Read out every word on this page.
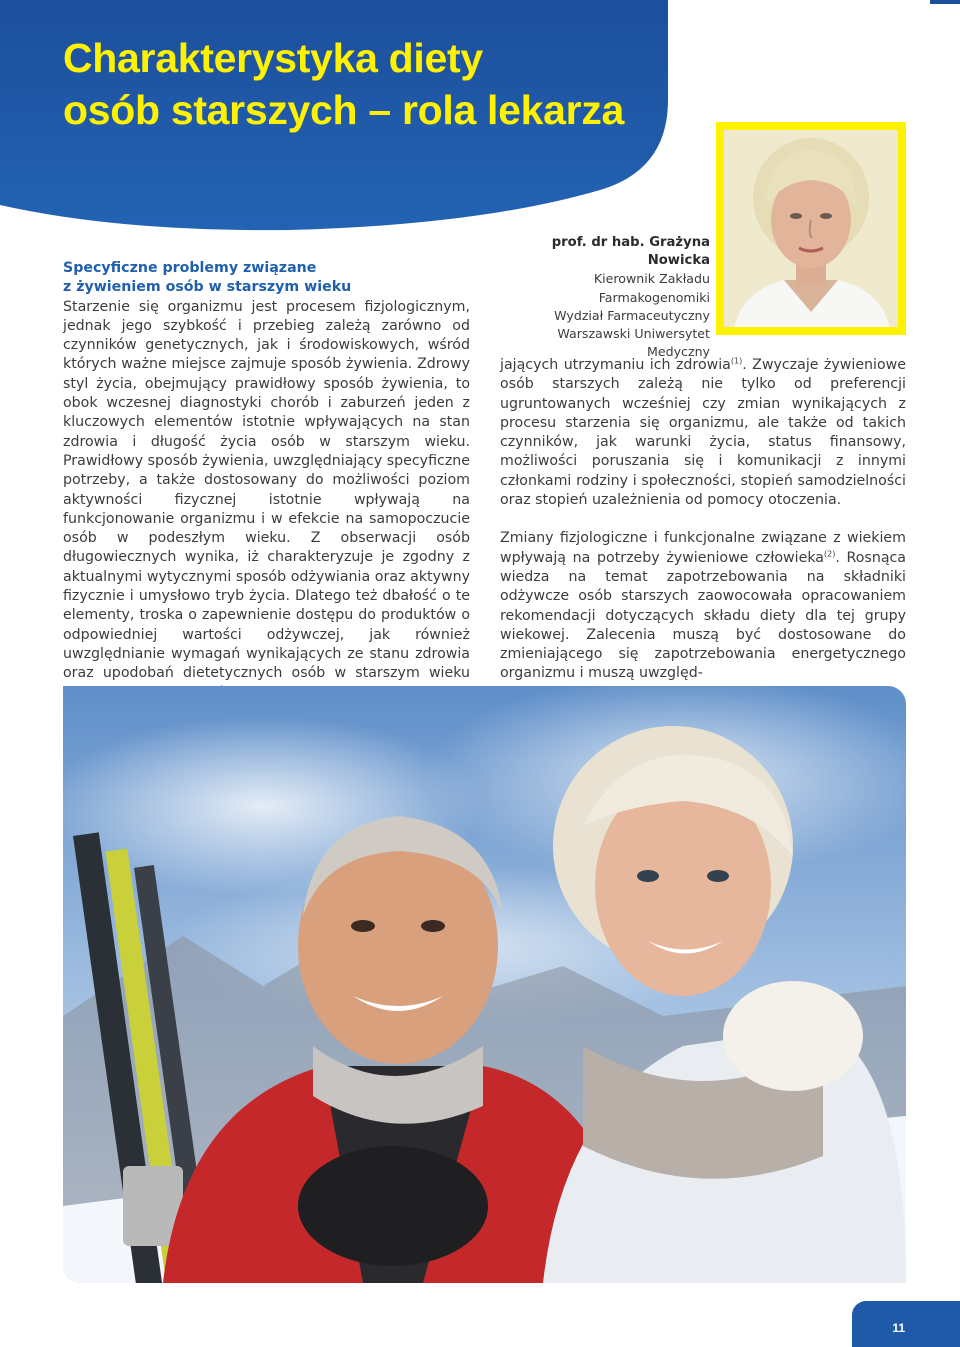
Charakterystyka diety
osób starszych – rola lekarza
Specyficzne problemy związane
z żywieniem osób w starszym wieku

Starzenie się organizmu jest procesem fizjologicznym, jednak jego szybkość i przebieg zależą zarówno od czynników genetycznych, jak i środowiskowych, wśród których ważne miejsce zajmuje sposób żywienia. Zdrowy styl życia, obejmujący prawidłowy sposób żywienia, to obok wczesnej diagnostyki chorób i zaburzeń jeden z kluczowych elementów istotnie wpływających na stan zdrowia i długość życia osób w starszym wieku. Prawidłowy sposób żywienia, uwzględniający specyficzne potrzeby, a także dostosowany do możliwości poziom aktywności fizycznej istotnie wpływają na funkcjonowanie organizmu i w efekcie na samopoczucie osób w podeszłym wieku. Z obserwacji osób długowiecznych wynika, iż charakteryzuje je zgodny z aktualnymi wytycznymi sposób odżywiania oraz aktywny fizycznie i umysłowo tryb życia. Dlatego też dbałość o te elementy, troska o zapewnienie dostępu do produktów o odpowiedniej wartości odżywczej, jak również uwzględnianie wymagań wynikających ze stanu zdrowia oraz upodobań dietetycznych osób w starszym wieku

prof. dr hab. Grażyna Nowicka
Kierownik Zakładu
Farmakogenomiki
Wydział Farmaceutyczny
Warszawski Uniwersytet
Medyczny

jających utrzymaniu ich zdrowia$^{(1)}$. Zwyczaje żywieniowe osób starszych zależą nie tylko od preferencji ugruntowanych wcześniej czy zmian wynikających z procesu starzenia się organizmu, ale także od takich czynników, jak warunki życia, status finansowy, możliwości poruszania się i komunikacji z innymi członkami rodziny i społeczności, stopień samodzielności oraz stopień uzależnienia od pomocy otoczenia.

Zmiany fizjologiczne i funkcjonalne związane z wiekiem wpływają na potrzeby żywieniowe człowieka$^{(2)}$. Rosnąca wiedza na temat zapotrzebowania na składniki odżywcze osób starszych zaowocowała opracowaniem rekomendacji dotyczących składu diety dla tej grupy wiekowej. Zalecenia muszą być dostosowane do zmieniającego się zapotrzebowania energetycznego organizmu i muszą uwzględ-

11
